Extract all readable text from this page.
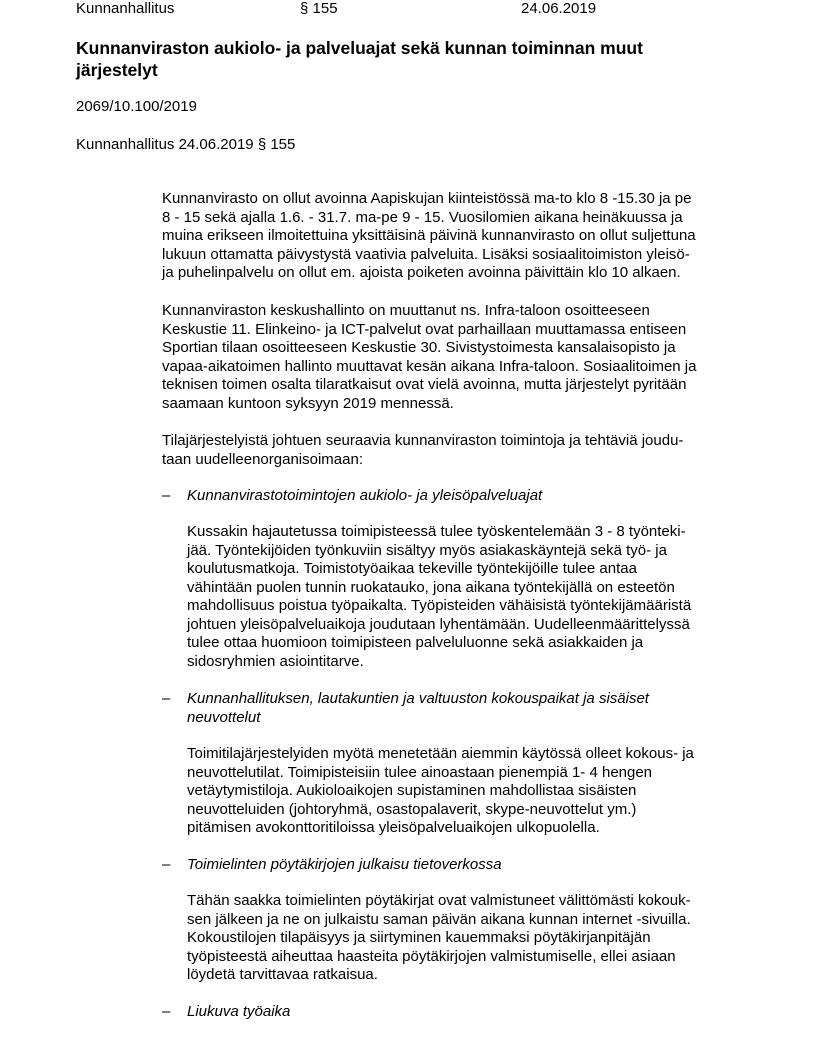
Kunnanhallitus	§ 155	24.06.2019
Kunnanviraston aukiolo- ja palveluajat sekä kunnan toiminnan muut
järjestelyt
2069/10.100/2019
Kunnanhallitus 24.06.2019 § 155
Kunnanvirasto on ollut avoinna Aapiskujan kiinteistössä ma-to klo 8 -15.30 ja pe
8 - 15 sekä ajalla 1.6. - 31.7. ma-pe 9 - 15. Vuosilomien aikana heinäkuussa ja
muina erikseen ilmoitettuina yksittäisinä päivinä kunnanvirasto on ollut suljettuna
lukuun ottamatta päivystystä vaativia palveluita. Lisäksi sosiaalitoimiston yleisö-
ja puhelinpalvelu on ollut em. ajoista poiketen avoinna päivittäin klo 10 alkaen.
Kunnanviraston keskushallinto on muuttanut ns. Infra-taloon osoitteeseen
Keskustie 11. Elinkeino- ja ICT-palvelut ovat parhaillaan muuttamassa entiseen
Sportian tilaan osoitteeseen Keskustie 30. Sivistystoimesta kansalaisopisto ja
vapaa-aikatoimen hallinto muuttavat kesän aikana Infra-taloon. Sosiaalitoimen ja
teknisen toimen osalta tilaratkaisut ovat vielä avoinna, mutta järjestelyt pyritään
saamaan kuntoon syksyyn 2019 mennessä.
Tilajärjestelyistä johtuen seuraavia kunnanviraston toimintoja ja tehtäviä joudu-
taan uudelleenorganisoimaan:
– Kunnanvirastotoimintojen aukiolo- ja yleisöpalveluajat
Kussakin hajautetussa toimipisteessä tulee työskentelemään 3 - 8 työnteki-
jää. Työntekijöiden työnkuviin sisältyy myös asiakaskäyntejä sekä työ- ja
koulutusmatkoja. Toimistotyöaikaa tekeville työntekijöille tulee antaa
vähintään puolen tunnin ruokatauko, jona aikana työntekijällä on esteetön
mahdollisuus poistua työpaikalta. Työpisteiden vähäisistä työntekijämääristä
johtuen yleisöpalveluaikoja joudutaan lyhentämään. Uudelleenmäärittelyssä
tulee ottaa huomioon toimipisteen palveluluonne sekä asiakkaiden ja
sidosryhmien asiointitarve.
– Kunnanhallituksen, lautakuntien ja valtuuston kokouspaikat ja sisäiset
neuvottelut
Toimitilajärjestelyiden myötä menetetään aiemmin käytössä olleet kokous- ja
neuvottelutilat. Toimipisteisiin tulee ainoastaan pienempiä 1- 4 hengen
vetäytymistiloja. Aukioloaikojen supistaminen mahdollistaa sisäisten
neuvotteluiden (johtoryhmä, osastopalaverit, skype-neuvottelut ym.)
pitämisen avokonttoritiloissa yleisöpalveluaikojen ulkopuolella.
– Toimielinten pöytäkirjojen julkaisu tietoverkossa
Tähän saakka toimielinten pöytäkirjat ovat valmistuneet välittömästi kokouk-
sen jälkeen ja ne on julkaistu saman päivän aikana kunnan internet -sivuilla.
Kokoustilojen tilapäisyys ja siirtyminen kauemmaksi pöytäkirjanpitäjän
työpisteestä aiheuttaa haasteita pöytäkirjojen valmistumiselle, ellei asiaan
löydetä tarvittavaa ratkaisua.
– Liukuva työaika
